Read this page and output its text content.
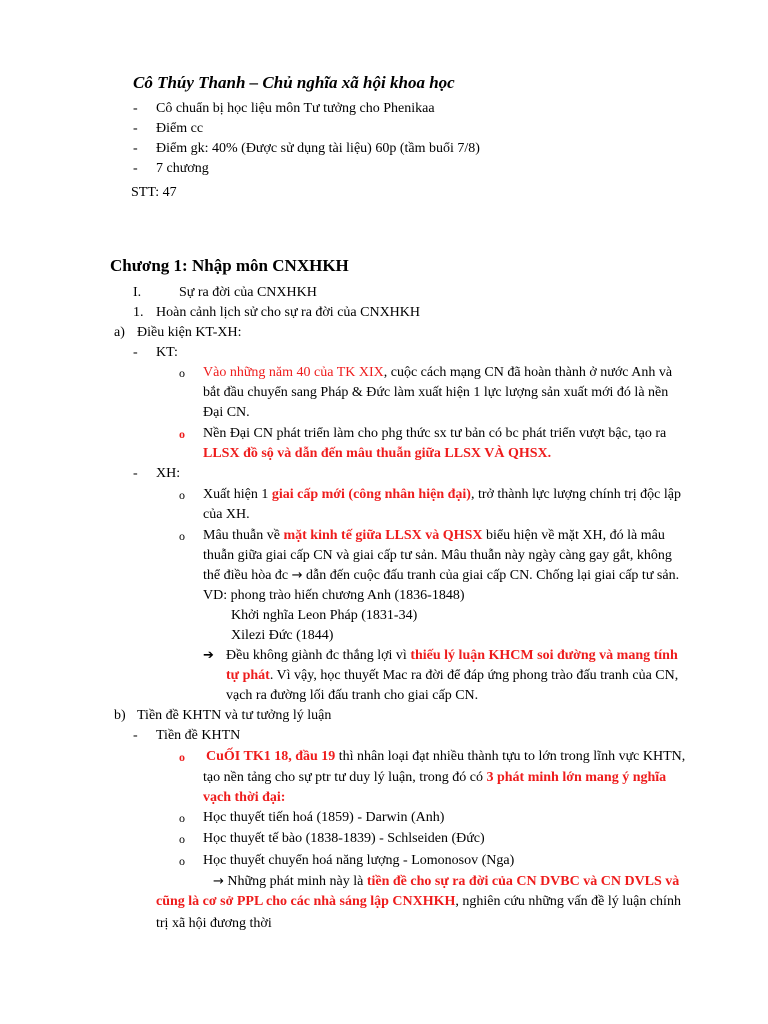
Cô Thúy Thanh – Chủ nghĩa xã hội khoa học
-	Cô chuẩn bị học liệu môn Tư tưởng cho Phenikaa
-	Điểm cc
-	Điểm gk: 40% (Được sử dụng tài liệu) 60p (tầm buổi 7/8)
-	7 chương
STT: 47
Chương 1: Nhập môn CNXHKH
I.	Sự ra đời của CNXHKH
1. Hoàn cảnh lịch sử cho sự ra đời của CNXHKH
a) Điều kiện KT-XH:
-	KT:
o Vào những năm 40 của TK XIX, cuộc cách mạng CN đã hoàn thành ở nước Anh và
bắt đầu chuyển sang Pháp & Đức làm xuất hiện 1 lực lượng sản xuất mới đó là nền
Đại CN.
o Nền Đại CN phát triển làm cho phg thức sx tư bản có bc phát triển vượt bậc, tạo ra
LLSX đồ sộ và dẫn đến mâu thuẫn giữa LLSX VÀ QHSX.
-	XH:
o Xuất hiện 1 giai cấp mới (công nhân hiện đại), trở thành lực lượng chính trị độc lập
của XH.
o Mâu thuẫn về mặt kinh tế giữa LLSX và QHSX biểu hiện về mặt XH, đó là mâu
thuẫn giữa giai cấp CN và giai cấp tư sản. Mâu thuẫn này ngày càng gay gắt, không
thể điều hòa đc → dẫn đến cuộc đấu tranh của giai cấp CN. Chống lại giai cấp tư sản.
VD: phong trào hiến chương Anh (1836-1848)
Khởi nghĩa Leon Pháp (1831-34)
Xilezi Đức (1844)
➔ Đều không giành đc thắng lợi vì thiếu lý luận KHCM soi đường và mang tính
tự phát. Vì vậy, học thuyết Mac ra đời để đáp ứng phong trào đấu tranh của CN,
vạch ra đường lối đấu tranh cho giai cấp CN.
b) Tiền đề KHTN và tư tưởng lý luận
-	Tiền đề KHTN
o CuỐI TK1 18, đầu 19 thì nhân loại đạt nhiều thành tựu to lớn trong lĩnh vực KHTN,
tạo nền tảng cho sự ptr tư duy lý luận, trong đó có 3 phát minh lớn mang ý nghĩa
vạch thời đại:
o Học thuyết tiến hoá (1859) - Darwin (Anh)
o Học thuyết tế bào (1838-1839) - Schlseiden (Đức)
o Học thuyết chuyển hoá năng lượng - Lomonosov (Nga)
→ Những phát minh này là tiền đề cho sự ra đời của CN DVBC và CN DVLS và
cũng là cơ sở PPL cho các nhà sáng lập CNXHKH, nghiên cứu những vấn đề lý luận chính
trị xã hội đương thời
